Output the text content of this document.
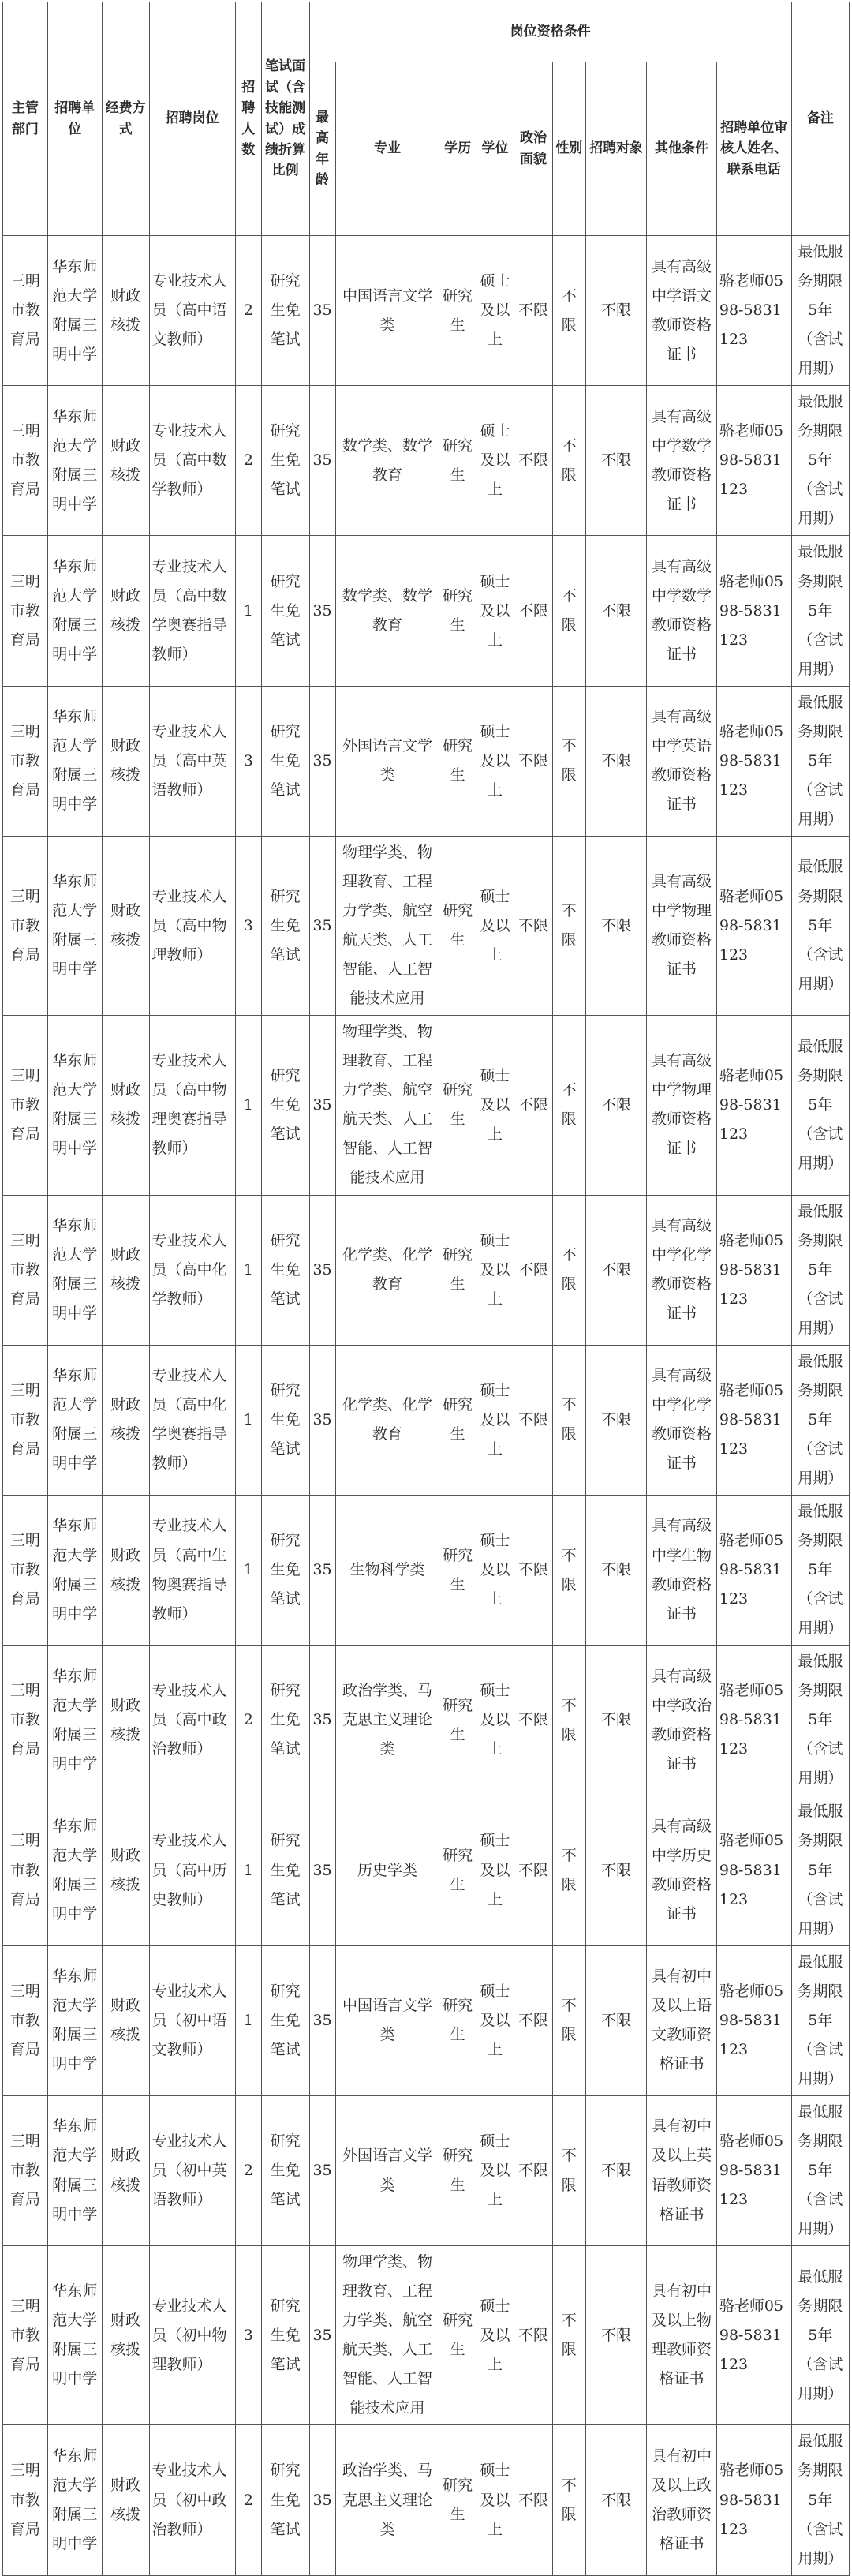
主管部门	招聘单位	经费方式	招聘岗位	招聘人数	笔试面试（含技能测试）成绩折算比例	岗位资格条件									备注
						最高年龄	专业	学历	学位	政治面貌	性别	招聘对象	其他条件	招聘单位审核人姓名、联系电话	
三明市教育局	华东师范大学附属三明中学	财政核拨	专业技术人员（高中语文教师）	2	研究生免笔试	35	中国语言文学类	研究生	硕士及以上	不限	不限	不限	具有高级中学语文教师资格证书	骆老师0598-5831123	最低服务期限5年（含试用期）
三明市教育局	华东师范大学附属三明中学	财政核拨	专业技术人员（高中数学教师）	2	研究生免笔试	35	数学类、数学教育	研究生	硕士及以上	不限	不限	不限	具有高级中学数学教师资格证书	骆老师0598-5831123	最低服务期限5年（含试用期）
三明市教育局	华东师范大学附属三明中学	财政核拨	专业技术人员（高中数学奥赛指导教师）	1	研究生免笔试	35	数学类、数学教育	研究生	硕士及以上	不限	不限	不限	具有高级中学数学教师资格证书	骆老师0598-5831123	最低服务期限5年（含试用期）
三明市教育局	华东师范大学附属三明中学	财政核拨	专业技术人员（高中英语教师）	3	研究生免笔试	35	外国语言文学类	研究生	硕士及以上	不限	不限	不限	具有高级中学英语教师资格证书	骆老师0598-5831123	最低服务期限5年（含试用期）
三明市教育局	华东师范大学附属三明中学	财政核拨	专业技术人员（高中物理教师）	3	研究生免笔试	35	物理学类、物理教育、工程力学类、航空航天类、人工智能、人工智能技术应用	研究生	硕士及以上	不限	不限	不限	具有高级中学物理教师资格证书	骆老师0598-5831123	最低服务期限5年（含试用期）
三明市教育局	华东师范大学附属三明中学	财政核拨	专业技术人员（高中物理奥赛指导教师）	1	研究生免笔试	35	物理学类、物理教育、工程力学类、航空航天类、人工智能、人工智能技术应用	研究生	硕士及以上	不限	不限	不限	具有高级中学物理教师资格证书	骆老师0598-5831123	最低服务期限5年（含试用期）
三明市教育局	华东师范大学附属三明中学	财政核拨	专业技术人员（高中化学教师）	1	研究生免笔试	35	化学类、化学教育	研究生	硕士及以上	不限	不限	不限	具有高级中学化学教师资格证书	骆老师0598-5831123	最低服务期限5年（含试用期）
三明市教育局	华东师范大学附属三明中学	财政核拨	专业技术人员（高中化学奥赛指导教师）	1	研究生免笔试	35	化学类、化学教育	研究生	硕士及以上	不限	不限	不限	具有高级中学化学教师资格证书	骆老师0598-5831123	最低服务期限5年（含试用期）
三明市教育局	华东师范大学附属三明中学	财政核拨	专业技术人员（高中生物奥赛指导教师）	1	研究生免笔试	35	生物科学类	研究生	硕士及以上	不限	不限	不限	具有高级中学生物教师资格证书	骆老师0598-5831123	最低服务期限5年（含试用期）
三明市教育局	华东师范大学附属三明中学	财政核拨	专业技术人员（高中政治教师）	2	研究生免笔试	35	政治学类、马克思主义理论类	研究生	硕士及以上	不限	不限	不限	具有高级中学政治教师资格证书	骆老师0598-5831123	最低服务期限5年（含试用期）
三明市教育局	华东师范大学附属三明中学	财政核拨	专业技术人员（高中历史教师）	1	研究生免笔试	35	历史学类	研究生	硕士及以上	不限	不限	不限	具有高级中学历史教师资格证书	骆老师0598-5831123	最低服务期限5年（含试用期）
三明市教育局	华东师范大学附属三明中学	财政核拨	专业技术人员（初中语文教师）	1	研究生免笔试	35	中国语言文学类	研究生	硕士及以上	不限	不限	不限	具有初中及以上语文教师资格证书	骆老师0598-5831123	最低服务期限5年（含试用期）
三明市教育局	华东师范大学附属三明中学	财政核拨	专业技术人员（初中英语教师）	2	研究生免笔试	35	外国语言文学类	研究生	硕士及以上	不限	不限	不限	具有初中及以上英语教师资格证书	骆老师0598-5831123	最低服务期限5年（含试用期）
三明市教育局	华东师范大学附属三明中学	财政核拨	专业技术人员（初中物理教师）	3	研究生免笔试	35	物理学类、物理教育、工程力学类、航空航天类、人工智能、人工智能技术应用	研究生	硕士及以上	不限	不限	不限	具有初中及以上物理教师资格证书	骆老师0598-5831123	最低服务期限5年（含试用期）
三明市教育局	华东师范大学附属三明中学	财政核拨	专业技术人员（初中政治教师）	2	研究生免笔试	35	政治学类、马克思主义理论类	研究生	硕士及以上	不限	不限	不限	具有初中及以上政治教师资格证书	骆老师0598-5831123	最低服务期限5年（含试用期）
